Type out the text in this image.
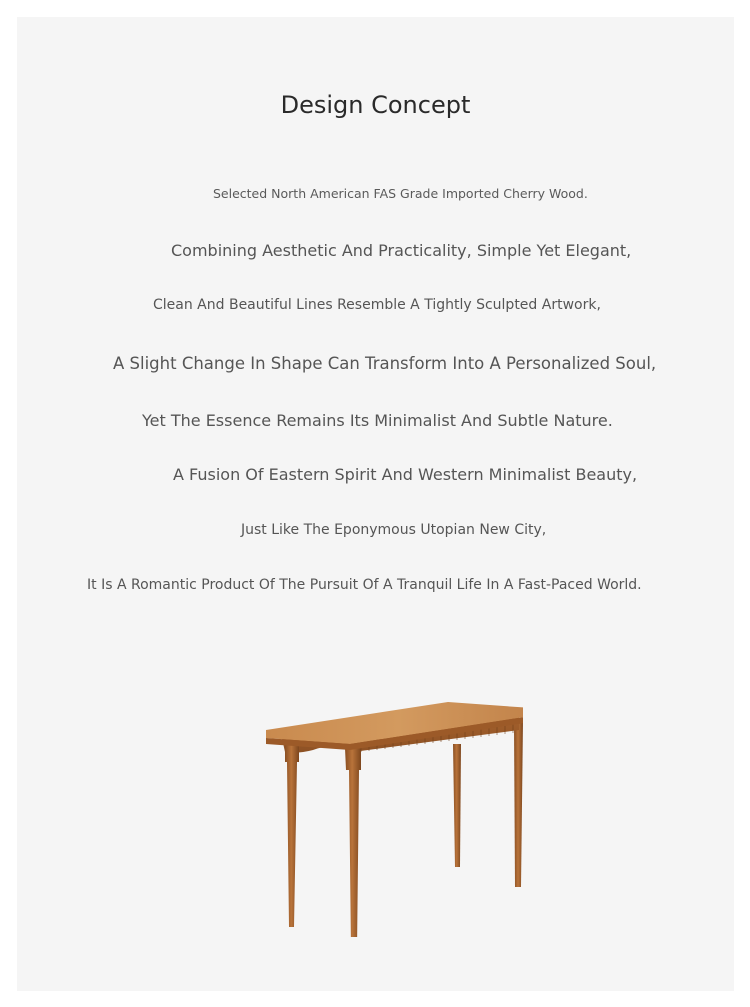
Design Concept

Selected North American FAS Grade Imported Cherry Wood.

Combining Aesthetic And Practicality, Simple Yet Elegant,

Clean And Beautiful Lines Resemble A Tightly Sculpted Artwork,

A Slight Change In Shape Can Transform Into A Personalized Soul,

Yet The Essence Remains Its Minimalist And Subtle Nature.

A Fusion Of Eastern Spirit And Western Minimalist Beauty,

Just Like The Eponymous Utopian New City,

It Is A Romantic Product Of The Pursuit Of A Tranquil Life In A Fast-Paced World.
